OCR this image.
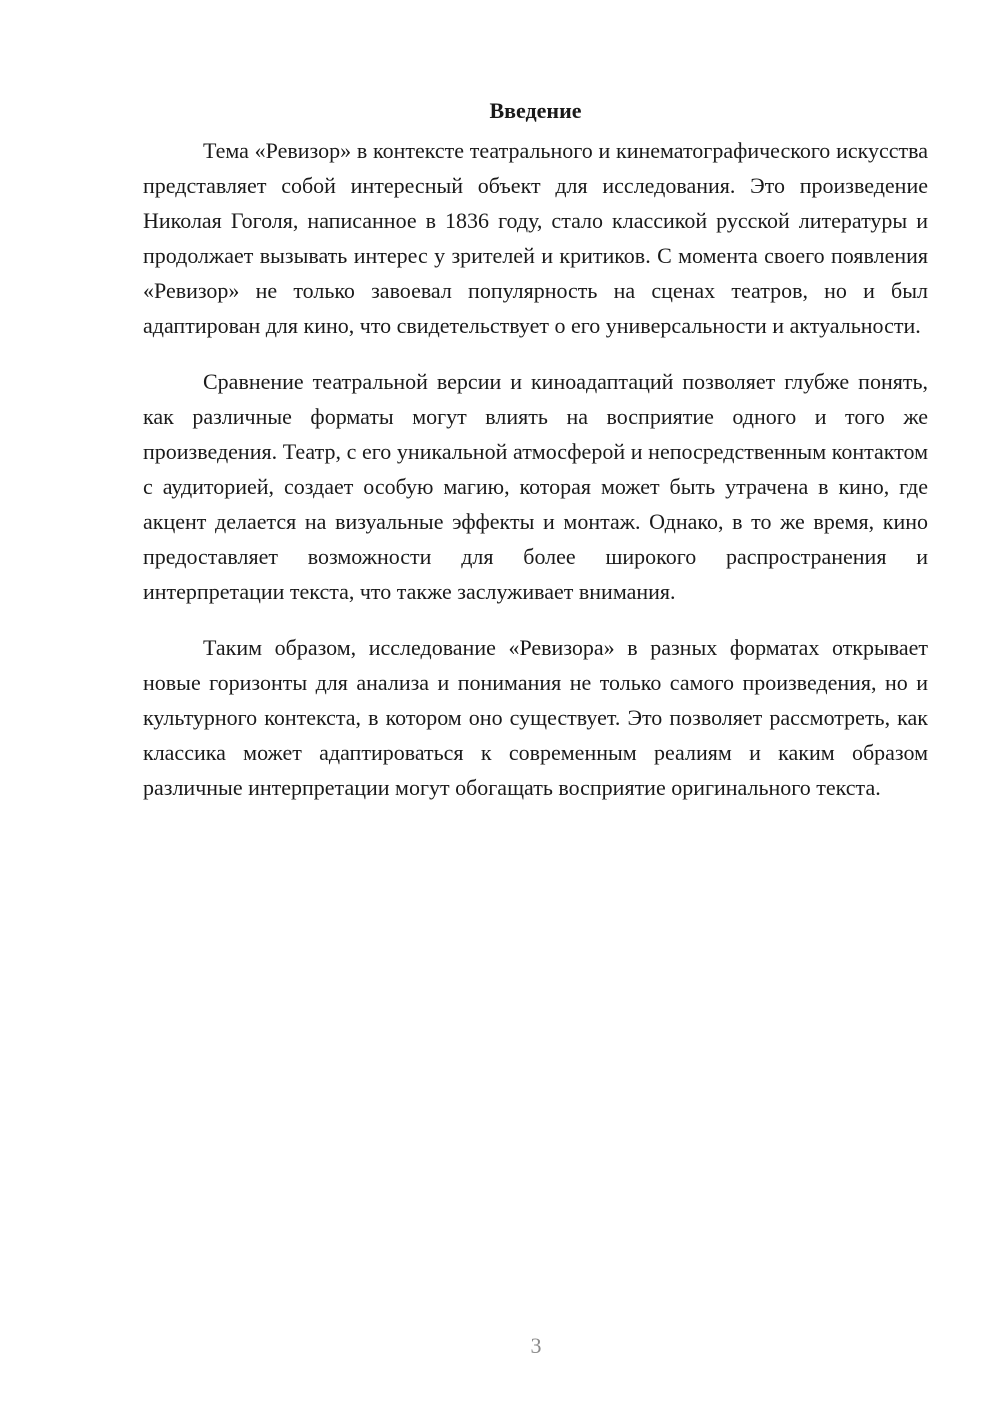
Введение

Тема «Ревизор» в контексте театрального и кинематографического искусства представляет собой интересный объект для исследования. Это произведение Николая Гоголя, написанное в 1836 году, стало классикой русской литературы и продолжает вызывать интерес у зрителей и критиков. С момента своего появления «Ревизор» не только завоевал популярность на сценах театров, но и был адаптирован для кино, что свидетельствует о его универсальности и актуальности.

Сравнение театральной версии и киноадаптаций позволяет глубже понять, как различные форматы могут влиять на восприятие одного и того же произведения. Театр, с его уникальной атмосферой и непосредственным контактом с аудиторией, создает особую магию, которая может быть утрачена в кино, где акцент делается на визуальные эффекты и монтаж. Однако, в то же время, кино предоставляет возможности для более широкого распространения и интерпретации текста, что также заслуживает внимания.

Таким образом, исследование «Ревизора» в разных форматах открывает новые горизонты для анализа и понимания не только самого произведения, но и культурного контекста, в котором оно существует. Это позволяет рассмотреть, как классика может адаптироваться к современным реалиям и каким образом различные интерпретации могут обогащать восприятие оригинального текста.

3
